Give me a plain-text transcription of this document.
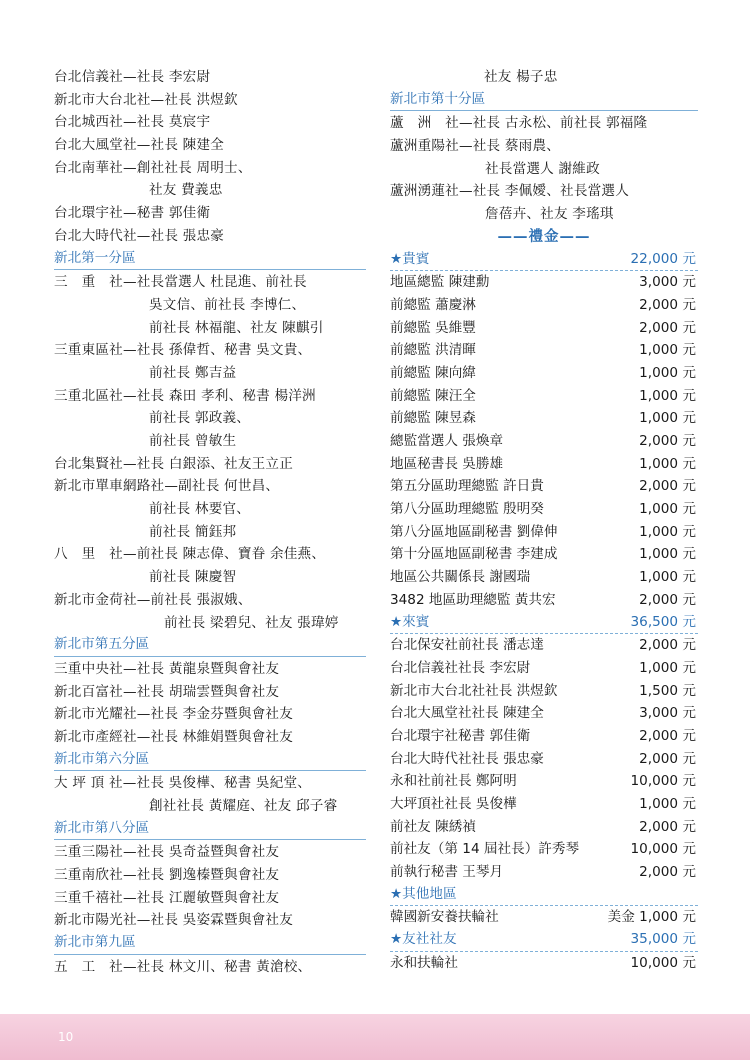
台北信義社—社長 李宏尉
新北市大台北社—社長 洪煜欽
台北城西社—社長 莫宸宇
台北大風堂社—社長 陳建全
台北南華社—創社社長 周明士、
社友 費義忠
台北環宇社—秘書 郭佳衛
台北大時代社—社長 張忠豪
新北第一分區
三　重　社—社長當選人 杜昆進、前社長
吳文信、前社長 李博仁、
前社長 林福龍、社友 陳麒引
三重東區社—社長 孫偉哲、秘書 吳文貴、
前社長 鄭吉益
三重北區社—社長 森田 孝利、秘書 楊洋洲
前社長 郭政義、
前社長 曾敏生
台北集賢社—社長 白銀添、社友王立正
新北市單車網路社—副社長 何世昌、
前社長 林要官、
前社長 簡鈺邦
八　里　社—前社長 陳志偉、寶眷 余佳燕、
前社長 陳慶智
新北市金荷社—前社長 張淑娥、
前社長 梁碧兒、社友 張瑋婷
新北市第五分區
三重中央社—社長 黃龍泉暨與會社友
新北百富社—社長 胡瑞雲暨與會社友
新北市光耀社—社長 李金芬暨與會社友
新北市產經社—社長 林維娟暨與會社友
新北市第六分區
大 坪 頂 社—社長 吳俊樺、秘書 吳紀堂、
創社社長 黃耀庭、社友 邱子睿
新北市第八分區
三重三陽社—社長 吳奇益暨與會社友
三重南欣社—社長 劉逸榛暨與會社友
三重千禧社—社長 江麗敏暨與會社友
新北市陽光社—社長 吳姿霖暨與會社友
新北市第九區
五　工　社—社長 林文川、秘書 黃滄校、
社友 楊子忠
新北市第十分區
蘆　洲　社—社長 古永松、前社長 郭福隆
蘆洲重陽社—社長 蔡雨農、
社長當選人 謝維政
蘆洲湧蓮社—社長 李佩嬡、社長當選人
詹蓓卉、社友 李瑤琪
——禮金——
★貴賓	22,000 元
地區總監 陳建勳	3,000 元
前總監 蕭慶淋	2,000 元
前總監 吳維豐	2,000 元
前總監 洪清暉	1,000 元
前總監 陳向緯	1,000 元
前總監 陳汪全	1,000 元
前總監 陳昱森	1,000 元
總監當選人 張煥章	2,000 元
地區秘書長 吳勝雄	1,000 元
第五分區助理總監 許日貴	2,000 元
第八分區助理總監 殷明癸	1,000 元
第八分區地區副秘書 劉偉伸	1,000 元
第十分區地區副秘書 李建成	1,000 元
地區公共關係長 謝國瑞	1,000 元
3482 地區助理總監 黃共宏	2,000 元
★來賓	36,500 元
台北保安社前社長 潘志達	2,000 元
台北信義社社長 李宏尉	1,000 元
新北市大台北社社長 洪煜欽	1,500 元
台北大風堂社社長 陳建全	3,000 元
台北環宇社秘書 郭佳衛	2,000 元
台北大時代社社長 張忠豪	2,000 元
永和社前社長 鄭阿明	10,000 元
大坪頂社社長 吳俊樺	1,000 元
前社友 陳綉禎	2,000 元
前社友（第 14 屆社長）許秀琴	10,000 元
前執行秘書 王琴月	2,000 元
★其他地區
韓國新安養扶輪社	美金 1,000 元
★友社社友	35,000 元
永和扶輪社	10,000 元
10
